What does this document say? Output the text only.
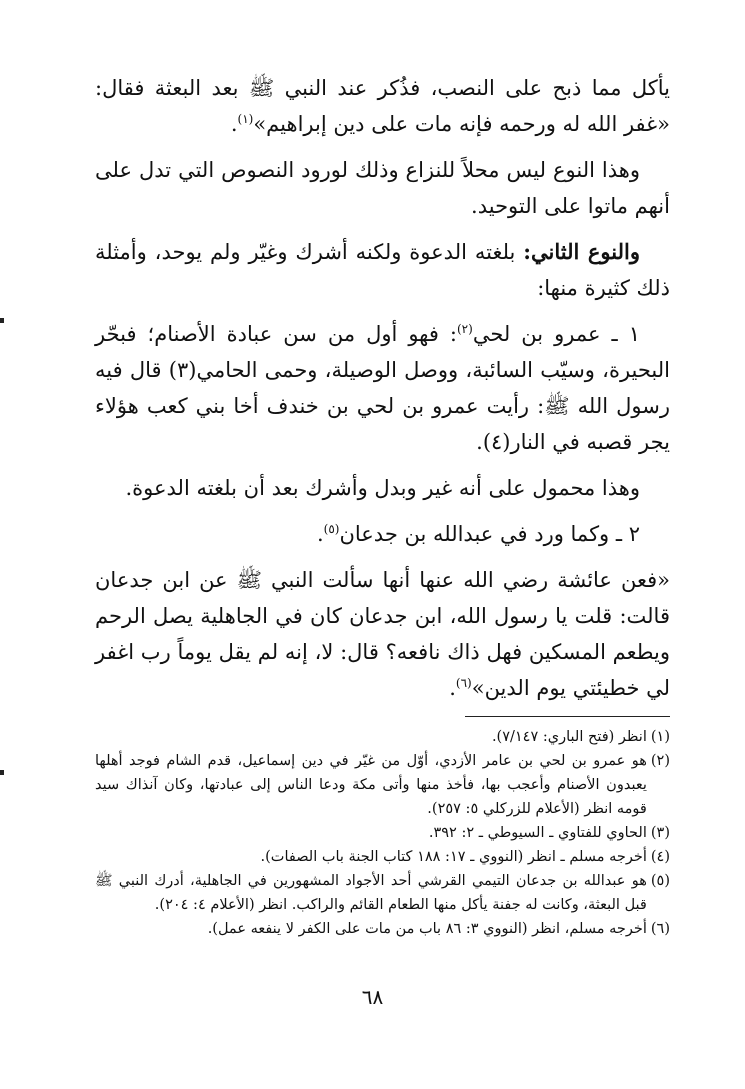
يأكل مما ذبح على النصب، فذُكر عند النبي ﷺ بعد البعثة فقال: «غفر الله له ورحمه فإنه مات على دين إبراهيم»$^{(١)}$.

وهذا النوع ليس محلاً للنزاع وذلك لورود النصوص التي تدل على أنهم ماتوا على التوحيد.

والنوع الثاني: بلغته الدعوة ولكنه أشرك وغيّر ولم يوحد، وأمثلة ذلك كثيرة منها:

١ ـ عمرو بن لحي$^{(٢)}$: فهو أول من سن عبادة الأصنام؛ فبحّر البحيرة، وسيّب السائبة، ووصل الوصيلة، وحمى الحامي(٣) قال فيه رسول الله ﷺ: رأيت عمرو بن لحي بن خندف أخا بني كعب هؤلاء يجر قصبه في النار(٤).

وهذا محمول على أنه غير وبدل وأشرك بعد أن بلغته الدعوة.

٢ ـ وكما ورد في عبدالله بن جدعان$^{(٥)}$.

«فعن عائشة رضي الله عنها أنها سألت النبي ﷺ عن ابن جدعان قالت: قلت يا رسول الله، ابن جدعان كان في الجاهلية يصل الرحم ويطعم المسكين فهل ذاك نافعه؟ قال: لا، إنه لم يقل يوماً رب اغفر لي خطيئتي يوم الدين»$^{(٦)}$.

(١)
انظر (فتح الباري: ٧/١٤٧).
(٢)
هو عمرو بن لحي بن عامر الأزدي، أوّل من غيّر في دين إسماعيل، قدم الشام فوجد أهلها يعبدون الأصنام وأعجب بها، فأخذ منها وأتى مكة ودعا الناس إلى عبادتها، وكان آنذاك سيد قومه انظر (الأعلام للزركلي ٥: ٢٥٧).
(٣)
الحاوي للفتاوي ـ السيوطي ـ ٢: ٣٩٢.
(٤)
أخرجه مسلم ـ انظر (النووي ـ ١٧: ١٨٨ كتاب الجنة باب الصفات).
(٥)
هو عبدالله بن جدعان التيمي القرشي أحد الأجواد المشهورين في الجاهلية، أدرك النبي ﷺ قبل البعثة، وكانت له جفنة يأكل منها الطعام القائم والراكب. انظر (الأعلام ٤: ٢٠٤).
(٦)
أخرجه مسلم، انظر (النووي ٣: ٨٦ باب من مات على الكفر لا ينفعه عمل).
٦٨
